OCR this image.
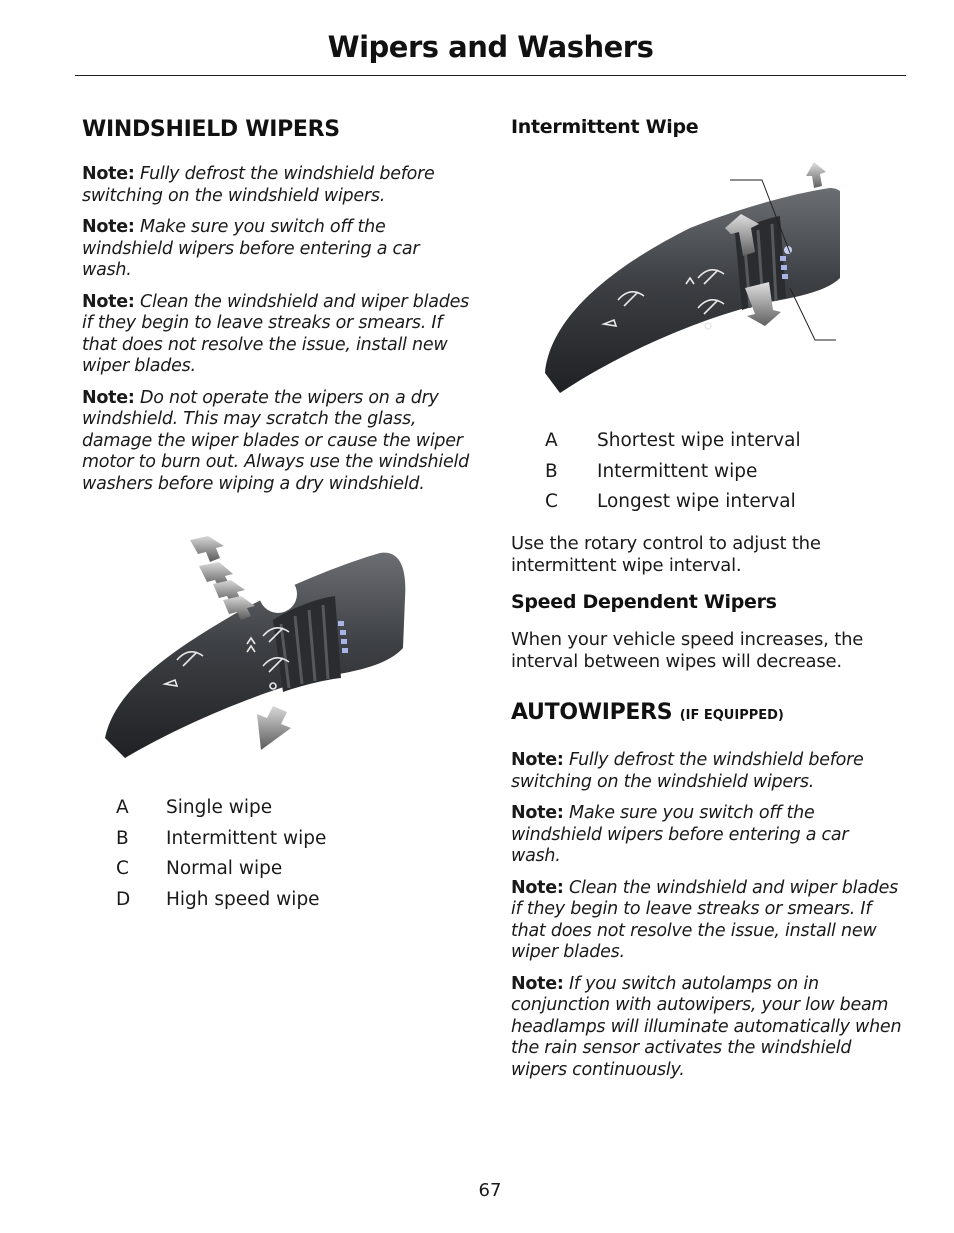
Wipers and Washers
WINDSHIELD WIPERS

Note: Fully defrost the windshield before switching on the windshield wipers.

Note: Make sure you switch off the windshield wipers before entering a car wash.

Note: Clean the windshield and wiper blades if they begin to leave streaks or smears. If that does not resolve the issue, install new wiper blades.

Note: Do not operate the wipers on a dry windshield. This may scratch the glass, damage the wiper blades or cause the wiper motor to burn out. Always use the windshield washers before wiping a dry windshield.

A	Single wipe
B	Intermittent wipe
C	Normal wipe
D	High speed wipe
Intermittent Wipe
A	Shortest wipe interval
B	Intermittent wipe
C	Longest wipe interval

Use the rotary control to adjust the intermittent wipe interval.

Speed Dependent Wipers

When your vehicle speed increases, the interval between wipes will decrease.

AUTOWIPERS (IF EQUIPPED)

Note: Fully defrost the windshield before switching on the windshield wipers.

Note: Make sure you switch off the windshield wipers before entering a car wash.

Note: Clean the windshield and wiper blades if they begin to leave streaks or smears. If that does not resolve the issue, install new wiper blades.

Note: If you switch autolamps on in conjunction with autowipers, your low beam headlamps will illuminate automatically when the rain sensor activates the windshield wipers continuously.

67
